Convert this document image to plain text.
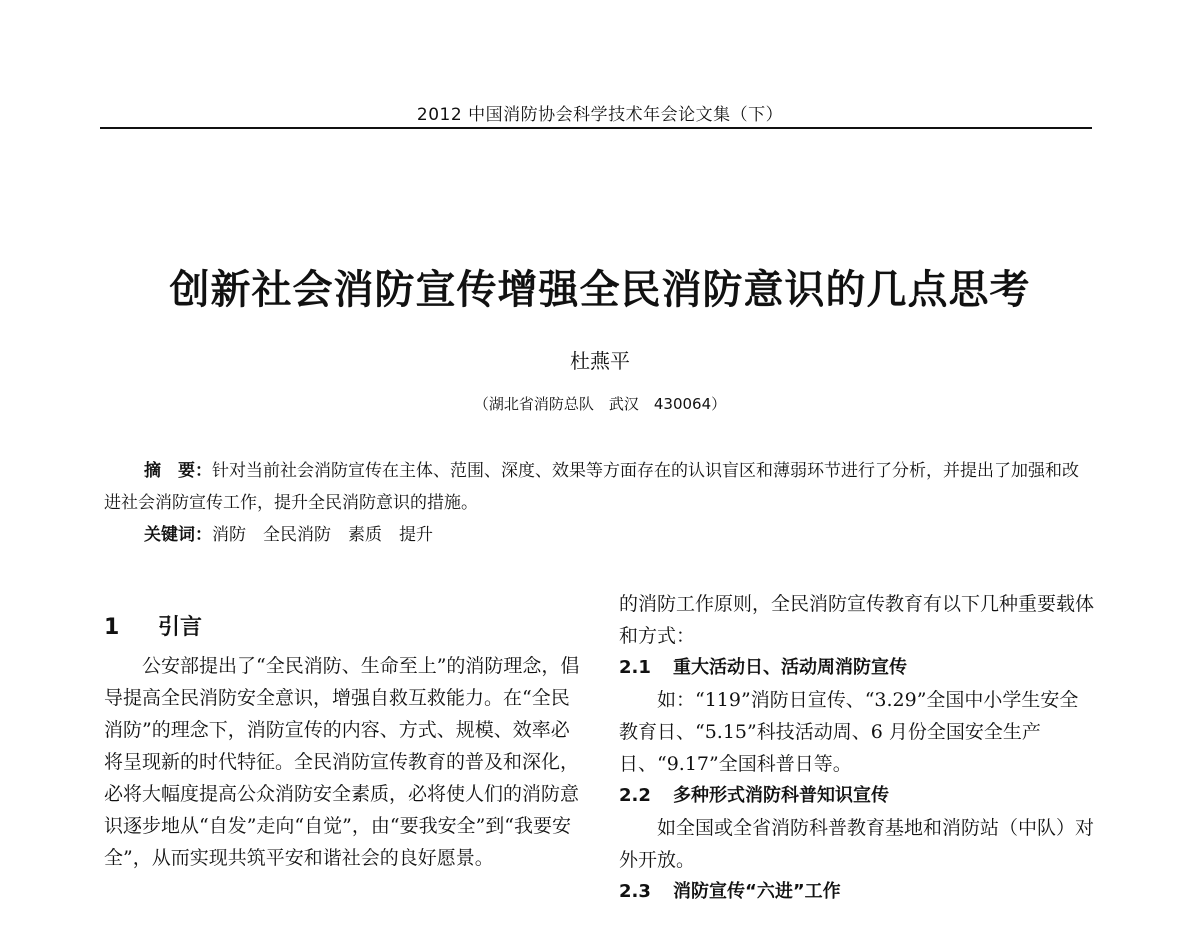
2012 中国消防协会科学技术年会论文集（下）
创新社会消防宣传增强全民消防意识的几点思考
杜燕平
（湖北省消防总队　武汉　430064）

摘　要：针对当前社会消防宣传在主体、范围、深度、效果等方面存在的认识盲区和薄弱环节进行了分析，并提出了加强和改进社会消防宣传工作，提升全民消防意识的措施。

关键词：消防　全民消防　素质　提升

1 引言

公安部提出了“全民消防、生命至上”的消防理念，倡导提高全民消防安全意识，增强自救互救能力。在“全民消防”的理念下，消防宣传的内容、方式、规模、效率必将呈现新的时代特征。全民消防宣传教育的普及和深化，必将大幅度提高公众消防安全素质，必将使人们的消防意识逐步地从“自发”走向“自觉”，由“要我安全”到“我要安全”，从而实现共筑平安和谐社会的良好愿景。

的消防工作原则，全民消防宣传教育有以下几种重要载体和方式：

2.1 重大活动日、活动周消防宣传

如：“119”消防日宣传、“3.29”全国中小学生安全教育日、“5.15”科技活动周、6 月份全国安全生产日、“9.17”全国科普日等。

2.2 多种形式消防科普知识宣传

如全国或全省消防科普教育基地和消防站（中队）对外开放。

2.3 消防宣传“六进”工作
